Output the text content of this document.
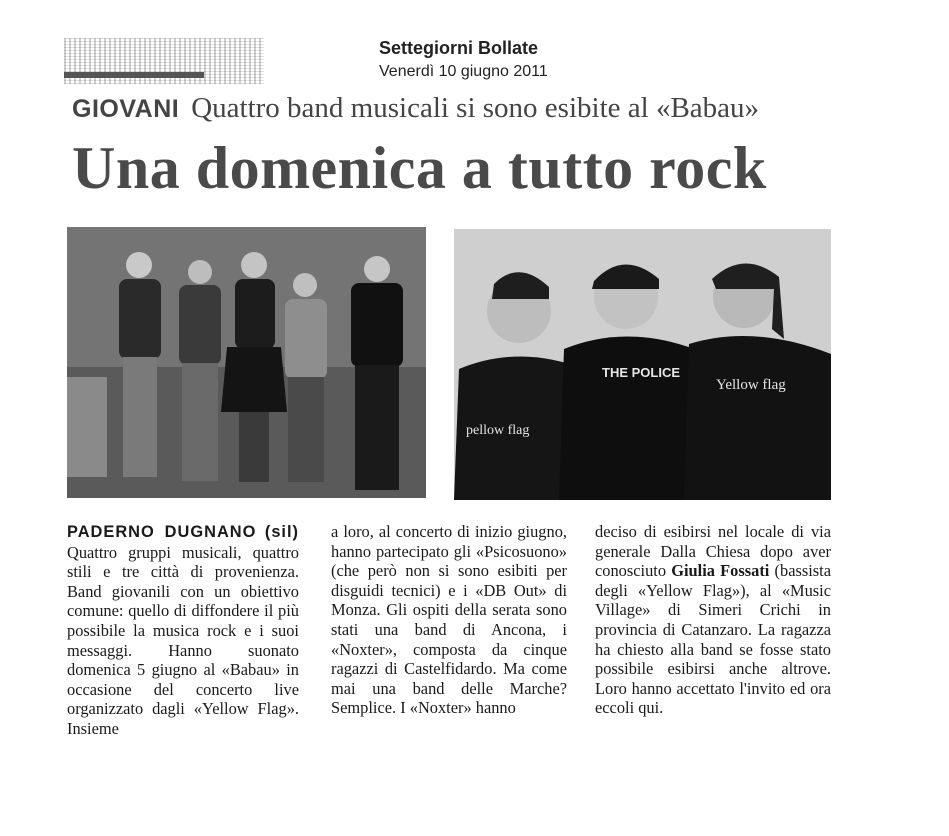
Settegiorni Bollate
Venerdì 10 giugno 2011
GIOVANI Quattro band musicali si sono esibite al «Babau»
Una domenica a tutto rock
THE POLICE
Yellow flag
pellow flag
PADERNO DUGNANO (sil) Quattro gruppi musicali, quattro stili e tre città di provenienza. Band giovanili con un obiettivo comune: quello di diffondere il più possibile la musica rock e i suoi messaggi. Hanno suonato domenica 5 giugno al «Babau» in occasione del concerto live organizzato dagli «Yellow Flag». Insieme
a loro, al concerto di inizio giugno, hanno partecipato gli «Psicosuono» (che però non si sono esibiti per disguidi tecnici) e i «DB Out» di Monza. Gli ospiti della serata sono stati una band di Ancona, i «Noxter», composta da cinque ragazzi di Castelfidardo. Ma come mai una band delle Marche? Semplice. I «Noxter» hanno
deciso di esibirsi nel locale di via generale Dalla Chiesa dopo aver conosciuto Giulia Fossati (bassista degli «Yellow Flag»), al «Music Village» di Simeri Crichi in provincia di Catanzaro. La ragazza ha chiesto alla band se fosse stato possibile esibirsi anche altrove. Loro hanno accettato l'invito ed ora eccoli qui.
